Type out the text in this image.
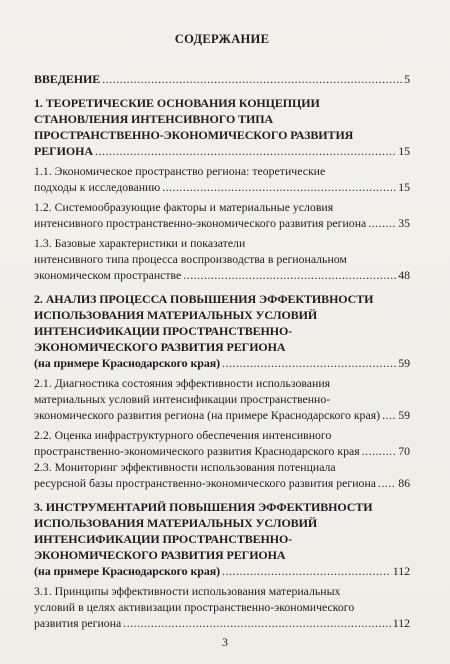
СОДЕРЖАНИЕ
ВВЕДЕНИЕ .....	5
1. ТЕОРЕТИЧЕСКИЕ ОСНОВАНИЯ КОНЦЕПЦИИ
СТАНОВЛЕНИЯ ИНТЕНСИВНОГО ТИПА
ПРОСТРАНСТВЕННО-ЭКОНОМИЧЕСКОГО РАЗВИТИЯ
РЕГИОНА .....	15
1.1. Экономическое пространство региона: теоретические
подходы к исследованию .....	15
1.2. Системообразующие факторы и материальные условия
интенсивного пространственно-экономического развития региона .....	35
1.3. Базовые характеристики и показатели
интенсивного типа процесса воспроизводства в региональном
экономическом пространстве .....	48
2. АНАЛИЗ ПРОЦЕССА ПОВЫШЕНИЯ ЭФФЕКТИВНОСТИ
ИСПОЛЬЗОВАНИЯ МАТЕРИАЛЬНЫХ УСЛОВИЙ
ИНТЕНСИФИКАЦИИ ПРОСТРАНСТВЕННО-
ЭКОНОМИЧЕСКОГО РАЗВИТИЯ РЕГИОНА
(на примере Краснодарского края) .....	59
2.1. Диагностика состояния эффективности использования
материальных условий интенсификации пространственно-
экономического развития региона (на примере Краснодарского края) ..... 59
2.2. Оценка инфраструктурного обеспечения интенсивного
пространственно-экономического развития Краснодарского края .....	70
2.3. Мониторинг эффективности использования потенциала
ресурсной базы пространственно-экономического развития региона ..... 86
3. ИНСТРУМЕНТАРИЙ ПОВЫШЕНИЯ ЭФФЕКТИВНОСТИ
ИСПОЛЬЗОВАНИЯ МАТЕРИАЛЬНЫХ УСЛОВИЙ
ИНТЕНСИФИКАЦИИ ПРОСТРАНСТВЕННО-
ЭКОНОМИЧЕСКОГО РАЗВИТИЯ РЕГИОНА
(на примере Краснодарского края) .....	112
3.1. Принципы эффективности использования материальных
условий в целях активизации пространственно-экономического
развития региона .....	112
3
